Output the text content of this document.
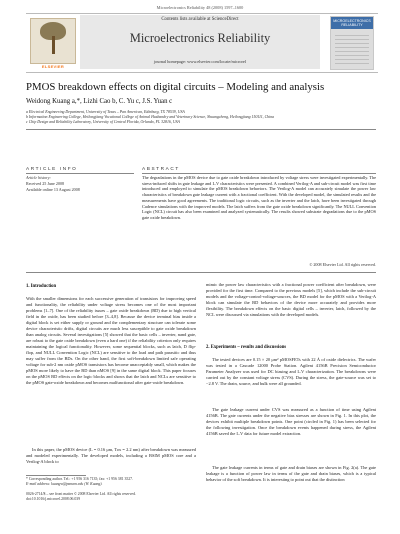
Microelectronics Reliability 48 (2008) 1597–1600
ELSEVIER
Contents lists available at ScienceDirect
Microelectronics Reliability
journal homepage: www.elsevier.com/locate/microrel
MICROELECTRONICS RELIABILITY
PMOS breakdown effects on digital circuits – Modeling and analysis
Weidong Kuang a,*, Lizhi Cao b, C. Yu c, J.S. Yuan c
a Electrical Engineering Department, University of Texas – Pan American, Edinburg, TX 78539, USA
b Information Engineering College, Heilongjiang Vocational College of Animal Husbandry and Veterinary Science, Shuangcheng, Heilongjiang 150111, China
c Chip Design and Reliability Laboratory, University of Central Florida, Orlando, FL 32816, USA
ARTICLE INFO
Article history:
Received 25 June 2008
Available online 13 August 2008
ABSTRACT
The degradations in the pMOS device due to gate oxide breakdown introduced by voltage stress were investigated experimentally. The stress-induced shifts in gate leakage and I–V characteristics were presented. A combined Verilog-A and sub-circuit model was first time introduced and employed to simulate the pMOS breakdown behaviors. The Verilog-A model can accurately simulate the power law characteristics of breakdown gate leakage current with a fractional coefficient. With the developed model, the simulated results and the measurements have good agreements. The traditional logic circuits, such as the inverter and the latch, have been investigated through Cadence simulations with the improved models. The latch suffers from the gate oxide breakdown significantly. The NULL Convention Logic (NCL) circuit has also been examined and analyzed systematically. The results showed substrate degradations due to the pMOS gate oxide breakdown.
© 2008 Elsevier Ltd. All rights reserved.
1. Introduction
With the smaller dimensions for each successive generation of transistors for improving speed and functionality, the reliability under voltage stress becomes one of the most important problems [1–7]. One of the reliability issues – gate oxide breakdown (BD) due to high vertical field in the oxide, has been studied before [3–4,8]. Because the device terminal bias inside a digital block is set either supply or ground and the complementary structure can tolerate some device characteristic drifts, digital circuits are much less susceptible to gate oxide breakdown than analog circuits. Several investigations [5] showed that the basic cells – inverter, nand gate, are robust to the gate oxide breakdown (even a hard one) if the reliability criterion only requires maintaining the logical functionality. However, some sequential blocks, such as latch, D flip-flop, and NULL Convention Logic (NCL) are sensitive to the load and path parasitic and thus may suffer from the BDs. On the other hand, the first soft-breakdown limited safe operating voltage for sub-2 nm oxide pMOS transistors has become unacceptably small, which makes the pMOS more likely to have the BD than nMOS [9] in the same digital block. This paper focuses on the pMOS BD effects on the logic blocks and shows that the latch and NCLs are sensitive to the pMOS gate-oxide breakdown and becomes malfunctional after gate-oxide breakdown.
In this paper, the pMOS device (L = 0.16 μm, Tox = 2.2 nm) after breakdown was measured and modeled experimentally. The developed models, including a BSIM pMOS core and a Verilog-A block to
* Corresponding author. Tel.: +1 956 316 7135; fax: +1 956 381 3527.
E-mail address: kuangw@panam.edu (W. Kuang).
0026-2714/$ – see front matter © 2008 Elsevier Ltd. All rights reserved.
doi:10.1016/j.microrel.2008.06.039
mimic the power law characteristics with a fractional power coefficient after breakdown, were provided for the first time. Compared to the previous models [5], which include the sub-circuit models and the voltage-control-voltage-sources, the BD model for the pMOS with a Verilog-A block can simulate the BD behaviors of the device more accurately and provides more flexibility. The breakdown effects on the basic digital cells – inverter, latch, followed by the NCL were discussed via simulations with the developed models.
2. Experiments – results and discussions
The tested devices are 0.15 × 20 μm² pMOSFETs with 22 Å of oxide dielectrics. The wafer was tested in a Cascade 12000 Probe Station. Agilent 4156B Precision Semiconductor Parameter Analyzer was used for DC biasing and I–V characterization. The breakdowns were carried out by the constant voltage stress (CVS). During the stress, the gate-source was set to −2.8 V. The drain, source, and bulk were all grounded.
The gate leakage current under CVS was measured as a function of time using Agilent 4156B. The gate currents under the negative bias stresses are shown in Fig. 1. In this plot, the devices exhibit multiple breakdown points. One point (circled in Fig. 1) has been selected for the following investigation. Once the breakdown events happened during stress, the Agilent 4156B saved the I–V data for future model extraction.
The gate leakage currents in terms of gate and drain biases are shown in Fig. 2(a). The gate leakage is a function of power law in terms of the gate and drain biases, which is a typical behavior of the soft breakdown. It is interesting to point out that the distinction
